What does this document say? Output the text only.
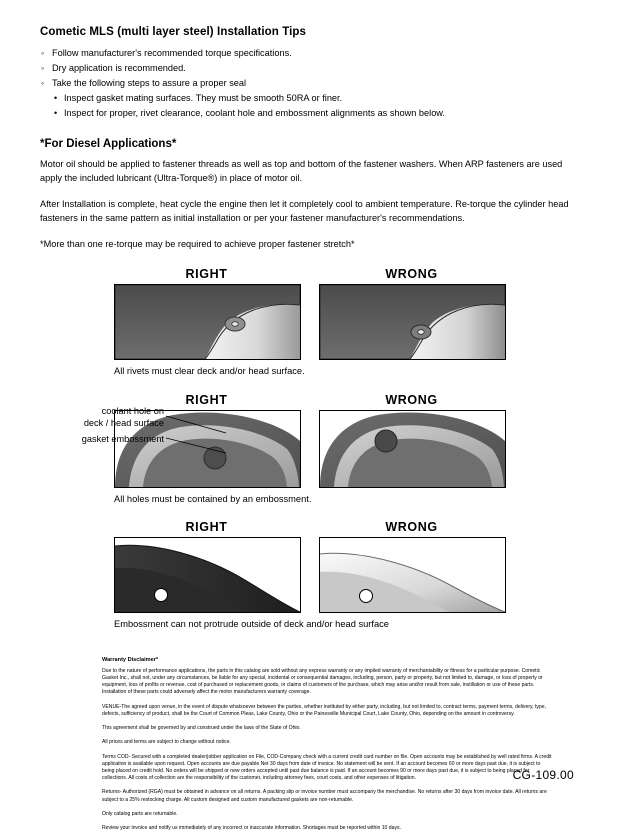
Cometic MLS (multi layer steel) Installation Tips
◦ Follow manufacturer's recommended torque specifications.
◦ Dry application is recommended.
◦ Take the following steps to assure a proper seal
• Inspect gasket mating surfaces. They must be smooth 50RA or finer.
• Inspect for proper, rivet clearance, coolant hole and embossment alignments as shown below.
*For Diesel Applications*

Motor oil should be applied to fastener threads as well as top and bottom of the fastener washers. When ARP fasteners are used apply the included lubricant (Ultra-Torque®) in place of motor oil.

After Installation is complete, heat cycle the engine then let it completely cool to ambient temperature. Re-torque the cylinder head fasteners in the same pattern as initial installation or per your fastener manufacturer's recommendations.

*More than one re-torque may be required to achieve proper fastener stretch*

RIGHT	WRONG
All rivets must clear deck and/or head surface.
RIGHT	WRONG
All holes must be contained by an embossment.
coolant hole on
deck / head surface
gasket embossment
RIGHT	WRONG
Embossment can not protrude outside of deck and/or head surface
Warranty Disclaimer*

Due to the nature of performance applications, the parts in this catalog are sold without any express warranty or any implied warranty of merchantability or fitness for a particular purpose. Cometic Gasket Inc., shall not, under any circumstances, be liable for any special, incidental or consequential damages, including, person, party or property, but not limited to, damage, or loss of property or equipment, loss of profits or revenue, cost of purchased or replacement goods, or claims of customers of the purchase, which may arise and/or result from sale, instillation or use of these parts. Installation of these parts could adversely affect the motor manufacturers warranty coverage.

VENUE-The agreed upon venue, in the event of dispute whatsoever between the parties, whether instituted by either party, including, but not limited to, contract terms, payment terms, delivery, type, defects, sufficiency of product, shall be the Court of Common Pleas, Lake County, Ohio or the Painesville Municipal Court, Lake County, Ohio, depending on the amount in controversy.

This agreement shall be governed by and construed under the laws of the State of Ohio.

All prices and terms are subject to change without notice.

Terms COD- Secured with a completed dealer/jobber application on File, COD-Company check with a current credit card number on file. Open accounts may be established by well rated firms. A credit application is available upon request. Open accounts are due payable Net 30 days from date of invoice. No statement will be sent. If an account becomes 60 or more days past due, it is subject to being placed on credit hold. No orders will be shipped or new orders accepted until past due balance is paid. If an account becomes 90 or more days past due, it is subject to being placed for collections. All costs of collection are the responsibility of the customer, including attorney fees, court costs, and other expenses of litigation.

Returns- Authorized (RGA) must be obtained in advance on all returns. A packing slip or invoice number must accompany the merchandise. No returns after 30 days from invoice date. All returns are subject to a 25% restocking charge. All custom designed and custom manufactured gaskets are non-returnable.

Only catalog parts are returnable.

Review your invoice and notify us immediately of any incorrect or inaccurate information. Shortages must be reported within 10 days.

CG-109.00
